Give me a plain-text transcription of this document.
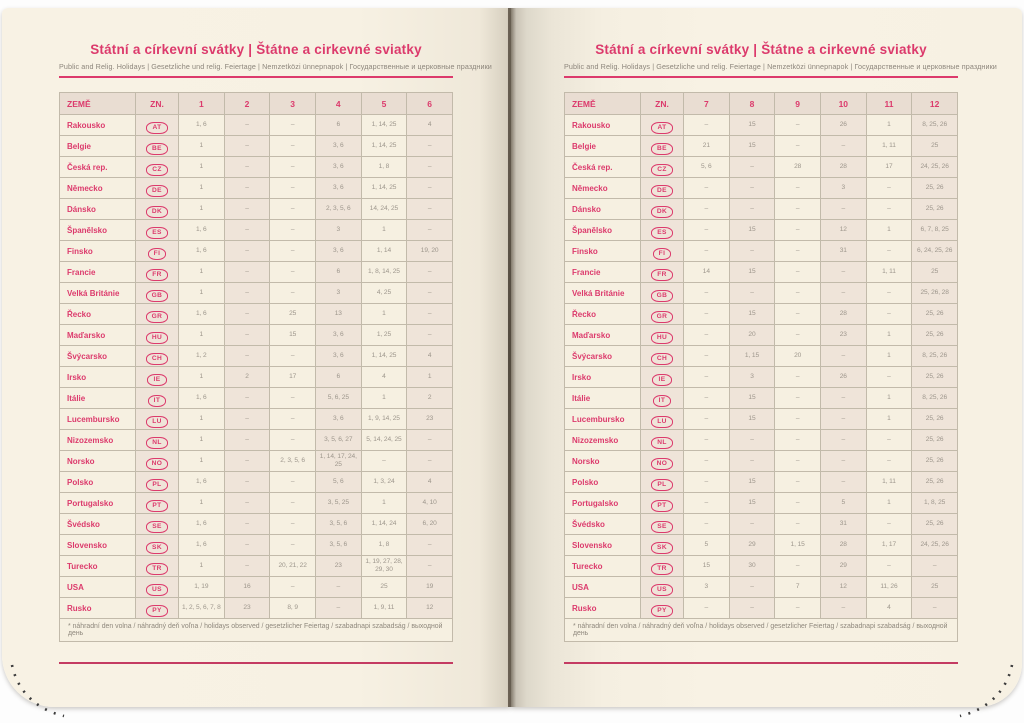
Státní a církevní svátky | Štátne a cirkevné sviatky
Public and Relig. Holidays | Gesetzliche und relig. Feiertage | Nemzetközi ünnepnapok | Государственные и церковные праздники
ZEMĚ	ZN.	1	2	3	4	5	6
Rakousko	AT	1, 6	–	–	6	1, 14, 25	4
Belgie	BE	1	–	–	3, 6	1, 14, 25	–
Česká rep.	CZ	1	–	–	3, 6	1, 8	–
Německo	DE	1	–	–	3, 6	1, 14, 25	–
Dánsko	DK	1	–	–	2, 3, 5, 6	14, 24, 25	–
Španělsko	ES	1, 6	–	–	3	1	–
Finsko	FI	1, 6	–	–	3, 6	1, 14	19, 20
Francie	FR	1	–	–	6	1, 8, 14, 25	–
Velká Británie	GB	1	–	–	3	4, 25	–
Řecko	GR	1, 6	–	25	13	1	–
Maďarsko	HU	1	–	15	3, 6	1, 25	–
Švýcarsko	CH	1, 2	–	–	3, 6	1, 14, 25	4
Irsko	IE	1	2	17	6	4	1
Itálie	IT	1, 6	–	–	5, 6, 25	1	2
Lucembursko	LU	1	–	–	3, 6	1, 9, 14, 25	23
Nizozemsko	NL	1	–	–	3, 5, 6, 27	5, 14, 24, 25	–
Norsko	NO	1	–	2, 3, 5, 6	1, 14, 17, 24, 25	–	–
Polsko	PL	1, 6	–	–	5, 6	1, 3, 24	4
Portugalsko	PT	1	–	–	3, 5, 25	1	4, 10
Švédsko	SE	1, 6	–	–	3, 5, 6	1, 14, 24	6, 20
Slovensko	SK	1, 6	–	–	3, 5, 6	1, 8	–
Turecko	TR	1	–	20, 21, 22	23	1, 19, 27, 28, 29, 30	–
USA	US	1, 19	16	–	–	25	19
Rusko	PY	1, 2, 5, 6, 7, 8	23	8, 9	–	1, 9, 11	12
* náhradní den volna / náhradný deň voľna / holidays observed / gesetzlicher Feiertag / szabadnapi szabadság / выходной день							
Státní a církevní svátky | Štátne a cirkevné sviatky
Public and Relig. Holidays | Gesetzliche und relig. Feiertage | Nemzetközi ünnepnapok | Государственные и церковные праздники
ZEMĚ	ZN.	7	8	9	10	11	12
Rakousko	AT	–	15	–	26	1	8, 25, 26
Belgie	BE	21	15	–	–	1, 11	25
Česká rep.	CZ	5, 6	–	28	28	17	24, 25, 26
Německo	DE	–	–	–	3	–	25, 26
Dánsko	DK	–	–	–	–	–	25, 26
Španělsko	ES	–	15	–	12	1	6, 7, 8, 25
Finsko	FI	–	–	–	31	–	6, 24, 25, 26
Francie	FR	14	15	–	–	1, 11	25
Velká Británie	GB	–	–	–	–	–	25, 26, 28
Řecko	GR	–	15	–	28	–	25, 26
Maďarsko	HU	–	20	–	23	1	25, 26
Švýcarsko	CH	–	1, 15	20	–	1	8, 25, 26
Irsko	IE	–	3	–	26	–	25, 26
Itálie	IT	–	15	–	–	1	8, 25, 26
Lucembursko	LU	–	15	–	–	1	25, 26
Nizozemsko	NL	–	–	–	–	–	25, 26
Norsko	NO	–	–	–	–	–	25, 26
Polsko	PL	–	15	–	–	1, 11	25, 26
Portugalsko	PT	–	15	–	5	1	1, 8, 25
Švédsko	SE	–	–	–	31	–	25, 26
Slovensko	SK	5	29	1, 15	28	1, 17	24, 25, 26
Turecko	TR	15	30	–	29	–	–
USA	US	3	–	7	12	11, 26	25
Rusko	PY	–	–	–	–	4	–
* náhradní den volna / náhradný deň voľna / holidays observed / gesetzlicher Feiertag / szabadnapi szabadság / выходной день							
